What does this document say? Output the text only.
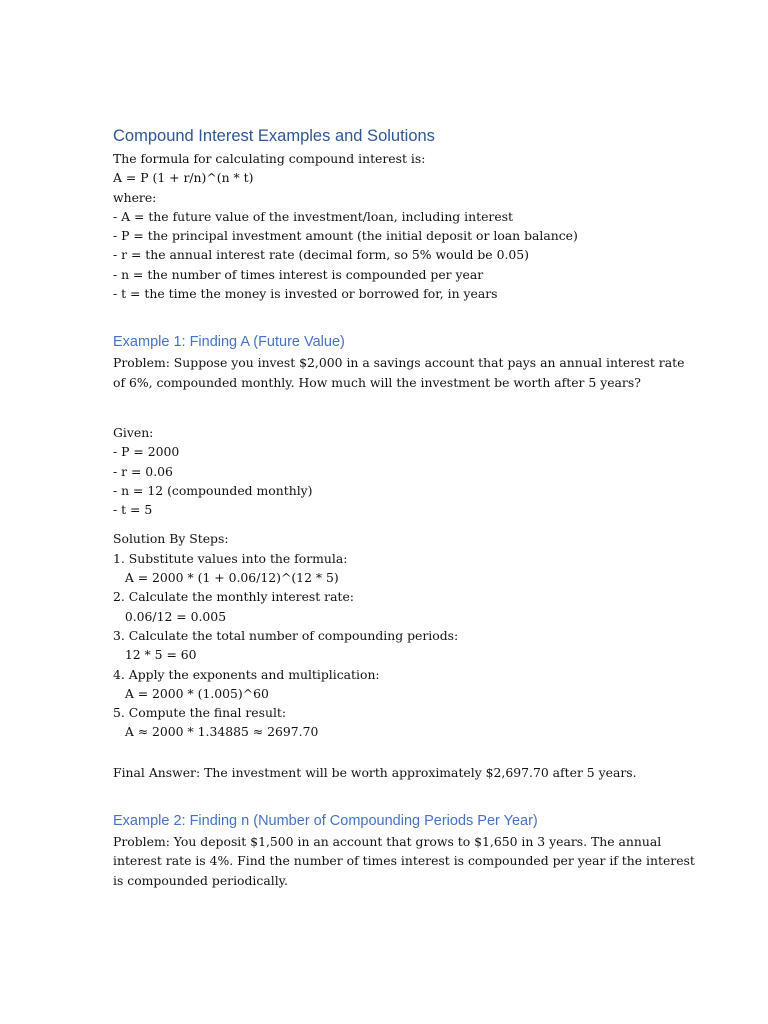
Compound Interest Examples and Solutions
The formula for calculating compound interest is:
A = P (1 + r/n)^(n * t)
where:
- A = the future value of the investment/loan, including interest
- P = the principal investment amount (the initial deposit or loan balance)
- r = the annual interest rate (decimal form, so 5% would be 0.05)
- n = the number of times interest is compounded per year
- t = the time the money is invested or borrowed for, in years
Example 1: Finding A (Future Value)
Problem: Suppose you invest $2,000 in a savings account that pays an annual interest rate
of 6%, compounded monthly. How much will the investment be worth after 5 years?
Given:
- P = 2000
- r = 0.06
- n = 12 (compounded monthly)
- t = 5
Solution By Steps:
1. Substitute values into the formula:
A = 2000 * (1 + 0.06/12)^(12 * 5)
2. Calculate the monthly interest rate:
0.06/12 = 0.005
3. Calculate the total number of compounding periods:
12 * 5 = 60
4. Apply the exponents and multiplication:
A = 2000 * (1.005)^60
5. Compute the final result:
A ≈ 2000 * 1.34885 ≈ 2697.70
Final Answer: The investment will be worth approximately $2,697.70 after 5 years.
Example 2: Finding n (Number of Compounding Periods Per Year)
Problem: You deposit $1,500 in an account that grows to $1,650 in 3 years. The annual
interest rate is 4%. Find the number of times interest is compounded per year if the interest
is compounded periodically.
